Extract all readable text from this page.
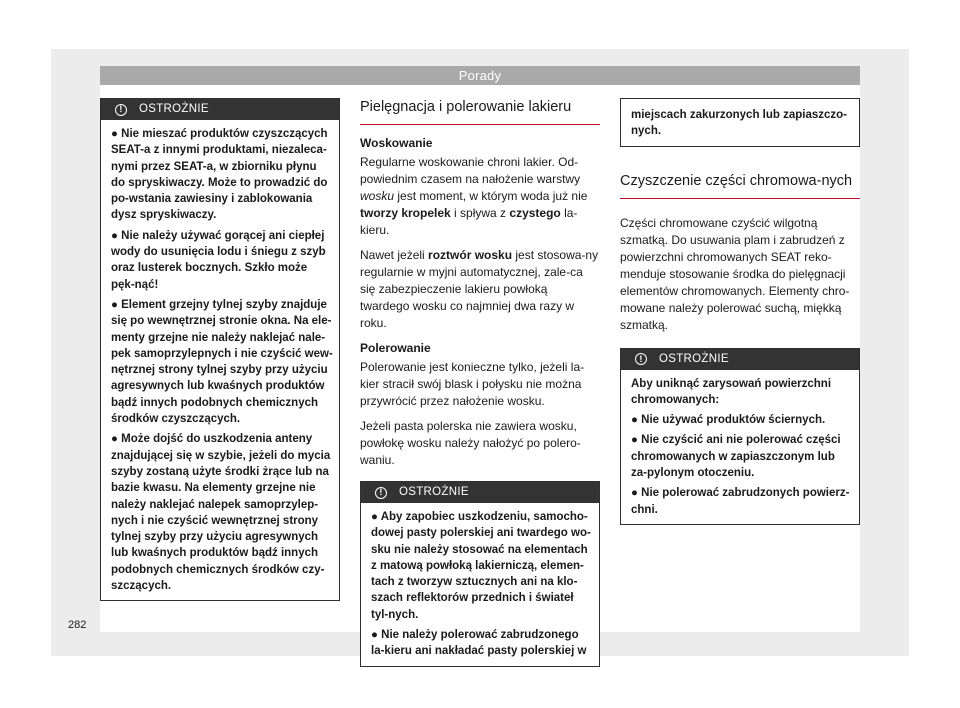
Porady
!	OSTROŻNIE

● Nie mieszać produktów czyszczących SEAT-a z innymi produktami, niezaleca-nymi przez SEAT-a, w zbiorniku płynu do spryskiwaczy. Może to prowadzić do po-wstania zawiesiny i zablokowania dysz spryskiwaczy.

● Nie należy używać gorącej ani ciepłej wody do usunięcia lodu i śniegu z szyb oraz lusterek bocznych. Szkło może pęk-nąć!

● Element grzejny tylnej szyby znajduje się po wewnętrznej stronie okna. Na ele-menty grzejne nie należy naklejać nale-pek samoprzylepnych i nie czyścić wew-nętrznej strony tylnej szyby przy użyciu agresywnych lub kwaśnych produktów bądź innych podobnych chemicznych środków czyszczących.

● Może dojść do uszkodzenia anteny znajdującej się w szybie, jeżeli do mycia szyby zostaną użyte środki żrące lub na bazie kwasu. Na elementy grzejne nie należy naklejać nalepek samoprzylep-nych i nie czyścić wewnętrznej strony tylnej szyby przy użyciu agresywnych lub kwaśnych produktów bądź innych podobnych chemicznych środków czy-szczących.

Pielęgnacja i polerowanie lakieru
Woskowanie

Regularne woskowanie chroni lakier. Od-powiednim czasem na nałożenie warstwy wosku jest moment, w którym woda już nie tworzy kropelek i spływa z czystego la-kieru.

Nawet jeżeli roztwór wosku jest stosowa-ny regularnie w myjni automatycznej, zale-ca się zabezpieczenie lakieru powłoką twardego wosku co najmniej dwa razy w roku.

Polerowanie

Polerowanie jest konieczne tylko, jeżeli la-kier stracił swój blask i połysku nie można przywrócić przez nałożenie wosku.

Jeżeli pasta polerska nie zawiera wosku, powłokę wosku należy nałożyć po polero-waniu.

!	OSTROŻNIE

● Aby zapobiec uszkodzeniu, samocho-dowej pasty polerskiej ani twardego wo-sku nie należy stosować na elementach z matową powłoką lakierniczą, elemen-tach z tworzyw sztucznych ani na klo-szach reflektorów przednich i świateł tyl-nych.

● Nie należy polerować zabrudzonego la-kieru ani nakładać pasty polerskiej w

miejscach zakurzonych lub zapiaszczo-nych.
Czyszczenie części chromowa-nych

Części chromowane czyścić wilgotną szmatką. Do usuwania plam i zabrudzeń z powierzchni chromowanych SEAT reko-menduje stosowanie środka do pielęgnacji elementów chromowanych. Elementy chro-mowane należy polerować suchą, miękką szmatką.

!	OSTROŻNIE

Aby uniknąć zarysowań powierzchni chromowanych:

● Nie używać produktów ściernych.

● Nie czyścić ani nie polerować części chromowanych w zapiaszczonym lub za-pylonym otoczeniu.

● Nie polerować zabrudzonych powierz-chni.

282
